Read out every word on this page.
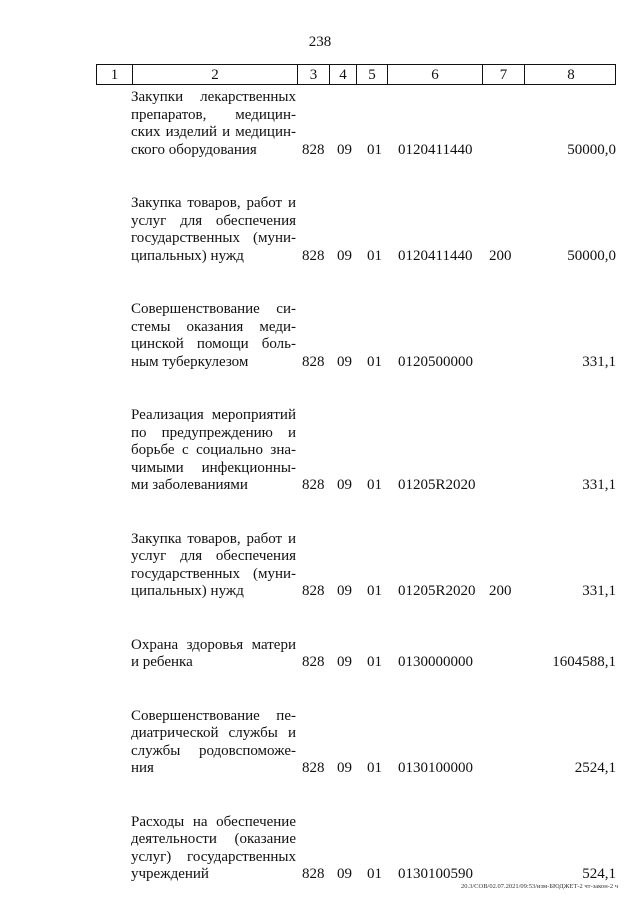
238
1	2	3	4	5	6	7	8
Закупки лекарственных
препаратов, медицин-
ских изделий и медицин-
ского оборудования	828 09 01 0120411440	50000,0
Закупка товаров, работ и
услуг для обеспечения
государственных (муни-
ципальных) нужд	828 09 01 0120411440 200	50000,0
Совершенствование си-
стемы оказания меди-
цинской помощи боль-
ным туберкулезом	828 09 01 0120500000	331,1
Реализация мероприятий
по предупреждению и
борьбе с социально зна-
чимыми инфекционны-
ми заболеваниями	828 09 01 01205R2020	331,1
Закупка товаров, работ и
услуг для обеспечения
государственных (муни-
ципальных) нужд	828 09 01 01205R2020 200	331,1
Охрана здоровья матери
и ребенка	828 09 01 0130000000	1604588,1
Совершенствование пе-
диатрической службы и
службы родовспоможе-
ния	828 09 01 0130100000	2524,1
Расходы на обеспечение
деятельности (оказание
услуг) государственных
учреждений	828 09 01 0130100590	524,1
20.3/СОВ/02.07.2021/09:53/изм-БЮДЖЕТ-2 чт-закон-2 ч
